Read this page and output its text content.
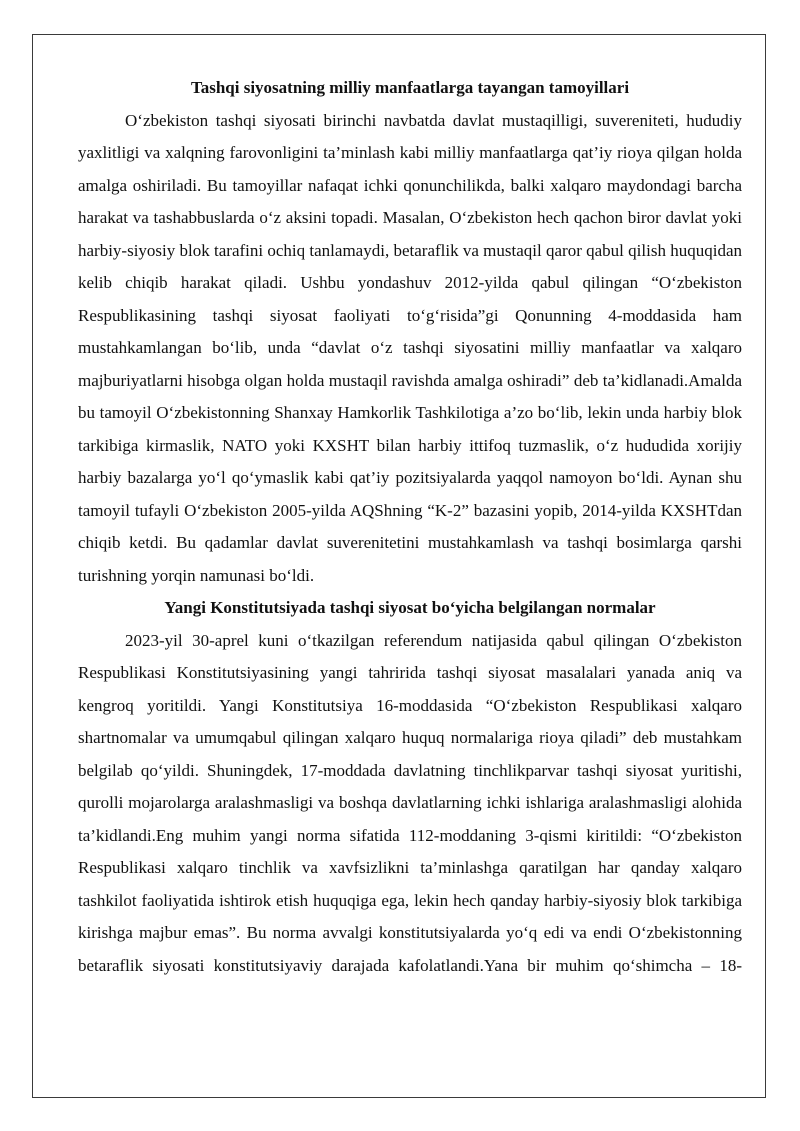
Tashqi siyosatning milliy manfaatlarga tayangan tamoyillari

O‘zbekiston tashqi siyosati birinchi navbatda davlat mustaqilligi, suvereniteti, hududiy yaxlitligi va xalqning farovonligini ta’minlash kabi milliy manfaatlarga qat’iy rioya qilgan holda amalga oshiriladi. Bu tamoyillar nafaqat ichki qonunchilikda, balki xalqaro maydondagi barcha harakat va tashabbuslarda o‘z aksini topadi. Masalan, O‘zbekiston hech qachon biror davlat yoki harbiy-siyosiy blok tarafini ochiq tanlamaydi, betaraflik va mustaqil qaror qabul qilish huquqidan kelib chiqib harakat qiladi. Ushbu yondashuv 2012-yilda qabul qilingan “O‘zbekiston Respublikasining tashqi siyosat faoliyati to‘g‘risida”gi Qonunning 4-moddasida ham mustahkamlangan bo‘lib, unda “davlat o‘z tashqi siyosatini milliy manfaatlar va xalqaro majburiyatlarni hisobga olgan holda mustaqil ravishda amalga oshiradi” deb ta’kidlanadi.Amalda bu tamoyil O‘zbekistonning Shanxay Hamkorlik Tashkilotiga a’zo bo‘lib, lekin unda harbiy blok tarkibiga kirmaslik, NATO yoki KXSHT bilan harbiy ittifoq tuzmaslik, o‘z hududida xorijiy harbiy bazalarga yo‘l qo‘ymaslik kabi qat’iy pozitsiyalarda yaqqol namoyon bo‘ldi. Aynan shu tamoyil tufayli O‘zbekiston 2005-yilda AQShning “K-2” bazasini yopib, 2014-yilda KXSHTdan chiqib ketdi. Bu qadamlar davlat suverenitetini mustahkamlash va tashqi bosimlarga qarshi turishning yorqin namunasi bo‘ldi.

Yangi Konstitutsiyada tashqi siyosat bo‘yicha belgilangan normalar

2023-yil 30-aprel kuni o‘tkazilgan referendum natijasida qabul qilingan O‘zbekiston Respublikasi Konstitutsiyasining yangi tahririda tashqi siyosat masalalari yanada aniq va kengroq yoritildi. Yangi Konstitutsiya 16-moddasida “O‘zbekiston Respublikasi xalqaro shartnomalar va umumqabul qilingan xalqaro huquq normalariga rioya qiladi” deb mustahkam belgilab qo‘yildi. Shuningdek, 17-moddada davlatning tinchlikparvar tashqi siyosat yuritishi, qurolli mojarolarga aralashmasligi va boshqa davlatlarning ichki ishlariga aralashmasligi alohida ta’kidlandi.Eng muhim yangi norma sifatida 112-moddaning 3-qismi kiritildi: “O‘zbekiston Respublikasi xalqaro tinchlik va xavfsizlikni ta’minlashga qaratilgan har qanday xalqaro tashkilot faoliyatida ishtirok etish huquqiga ega, lekin hech qanday harbiy-siyosiy blok tarkibiga kirishga majbur emas”. Bu norma avvalgi konstitutsiyalarda yo‘q edi va endi O‘zbekistonning betaraflik siyosati konstitutsiyaviy darajada kafolatlandi.Yana bir muhim qo‘shimcha – 18-
